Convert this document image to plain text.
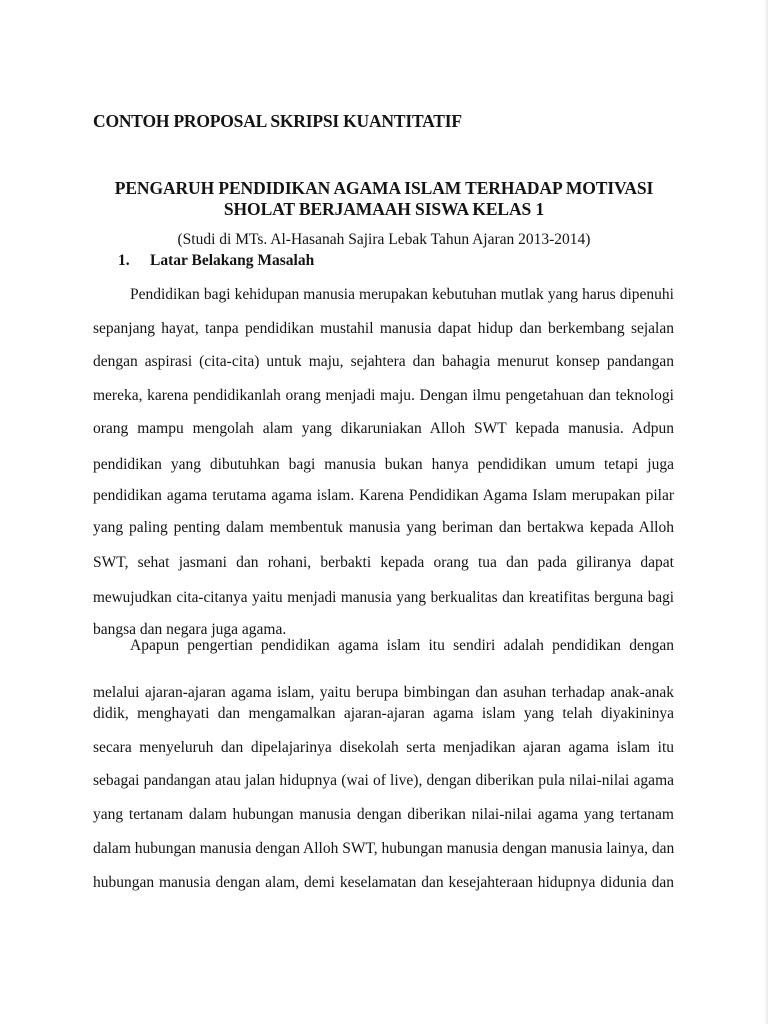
CONTOH PROPOSAL SKRIPSI KUANTITATIF
PENGARUH PENDIDIKAN AGAMA ISLAM TERHADAP MOTIVASI
SHOLAT BERJAMAAH SISWA KELAS 1
(Studi di MTs. Al-Hasanah Sajira Lebak Tahun Ajaran 2013-2014)
1. Latar Belakang Masalah
Pendidikan bagi kehidupan manusia merupakan kebutuhan mutlak yang harus dipenuhi
sepanjang hayat, tanpa pendidikan mustahil manusia dapat hidup dan berkembang sejalan
dengan aspirasi (cita-cita) untuk maju, sejahtera dan bahagia menurut konsep pandangan
mereka, karena pendidikanlah orang menjadi maju. Dengan ilmu pengetahuan dan teknologi
orang mampu mengolah alam yang dikaruniakan Alloh SWT kepada manusia. Adpun
pendidikan yang dibutuhkan bagi manusia bukan hanya pendidikan umum tetapi juga
pendidikan agama terutama agama islam. Karena Pendidikan Agama Islam merupakan pilar
yang paling penting dalam membentuk manusia yang beriman dan bertakwa kepada Alloh
SWT, sehat jasmani dan rohani, berbakti kepada orang tua dan pada giliranya dapat
mewujudkan cita-citanya yaitu menjadi manusia yang berkualitas dan kreatifitas berguna bagi
bangsa dan negara juga agama.
Apapun pengertian pendidikan agama islam itu sendiri adalah pendidikan dengan
melalui ajaran-ajaran agama islam, yaitu berupa bimbingan dan asuhan terhadap anak-anak
didik, menghayati dan mengamalkan ajaran-ajaran agama islam yang telah diyakininya
secara menyeluruh dan dipelajarinya disekolah serta menjadikan ajaran agama islam itu
sebagai pandangan atau jalan hidupnya (wai of live), dengan diberikan pula nilai-nilai agama
yang tertanam dalam hubungan manusia dengan diberikan nilai-nilai agama yang tertanam
dalam hubungan manusia dengan Alloh SWT, hubungan manusia dengan manusia lainya, dan
hubungan manusia dengan alam, demi keselamatan dan kesejahteraan hidupnya didunia dan
